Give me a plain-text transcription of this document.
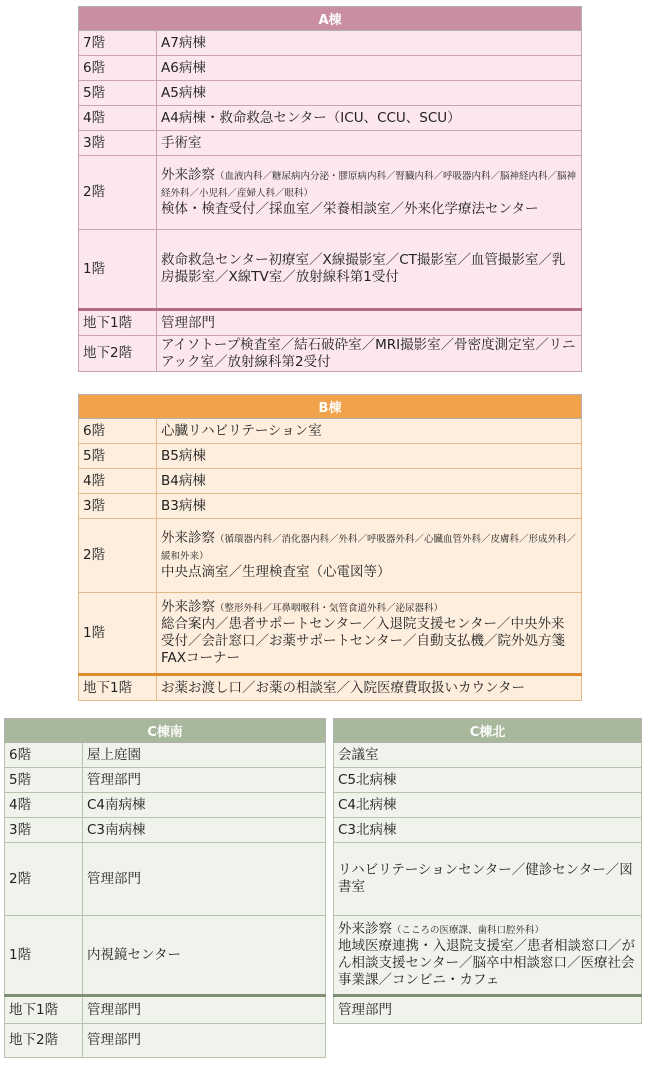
A棟	
7階	A7病棟
6階	A6病棟
5階	A5病棟
4階	A4病棟・救命救急センター（ICU、CCU、SCU）
3階	手術室
2階	外来診察（血液内科／糖尿病内分泌・膠原病内科／腎臓内科／呼吸器内科／脳神経内科／脳神経外科／小児科／産婦人科／眼科）
検体・検査受付／採血室／栄養相談室／外来化学療法センター

1階	救命救急センター初療室／X線撮影室／CT撮影室／血管撮影室／乳房撮影室／X線TV室／放射線科第1受付
地下1階	管理部門
地下2階	アイソトープ検査室／結石破砕室／MRI撮影室／骨密度測定室／リニアック室／放射線科第2受付
B棟	
6階	心臓リハビリテーション室
5階	B5病棟
4階	B4病棟
3階	B3病棟
2階	外来診察（循環器内科／消化器内科／外科／呼吸器外科／心臓血管外科／皮膚科／形成外科／緩和外来）
中央点滴室／生理検査室（心電図等）

1階	外来診察（整形外科／耳鼻咽喉科・気管食道外科／泌尿器科）
総合案内／患者サポートセンター／入退院支援センター／中央外来受付／会計窓口／お薬サポートセンター／自動支払機／院外処方箋FAXコーナー

地下1階	お薬お渡し口／お薬の相談室／入院医療費取扱いカウンター
C棟南	
6階	屋上庭園
5階	管理部門
4階	C4南病棟
3階	C3南病棟
2階	管理部門
1階	内視鏡センター
地下1階	管理部門
地下2階	管理部門
C棟北
会議室
C5北病棟
C4北病棟
C3北病棟
リハビリテーションセンター／健診センター／図書室
外来診察（こころの医療課、歯科口腔外科）
地域医療連携・入退院支援室／患者相談窓口／がん相談支援センター／脳卒中相談窓口／医療社会事業課／コンビニ・カフェ

管理部門
